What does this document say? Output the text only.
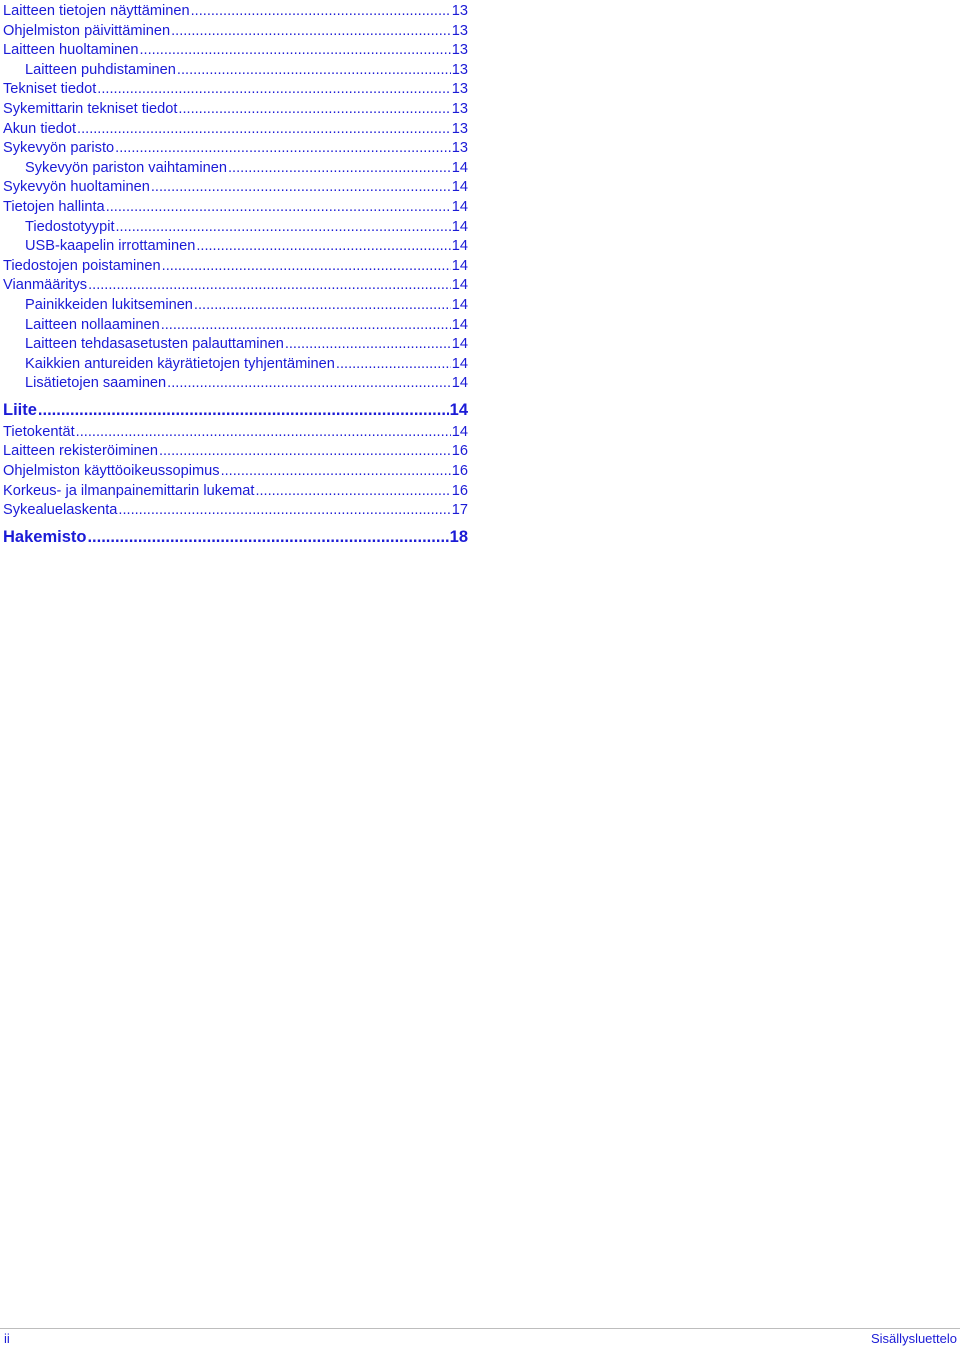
Laitteen tietojen näyttäminen .....	13
Ohjelmiston päivittäminen .....	13
Laitteen huoltaminen .....	13
Laitteen puhdistaminen .....	13
Tekniset tiedot .....	13
Sykemittarin tekniset tiedot .....	13
Akun tiedot .....	13
Sykevyön paristo .....	13
Sykevyön pariston vaihtaminen .....	14
Sykevyön huoltaminen .....	14
Tietojen hallinta .....	14
Tiedostotyypit .....	14
USB-kaapelin irrottaminen .....	14
Tiedostojen poistaminen .....	14
Vianmääritys .....	14
Painikkeiden lukitseminen .....	14
Laitteen nollaaminen .....	14
Laitteen tehdasasetusten palauttaminen .....	14
Kaikkien antureiden käyrätietojen tyhjentäminen .....	14
Lisätietojen saaminen .....	14
Liite .....	14
Tietokentät .....	14
Laitteen rekisteröiminen .....	16
Ohjelmiston käyttöoikeussopimus .....	16
Korkeus- ja ilmanpainemittarin lukemat .....	16
Sykealuelaskenta .....	17
Hakemisto .....	18
ii	Sisällysluettelo
